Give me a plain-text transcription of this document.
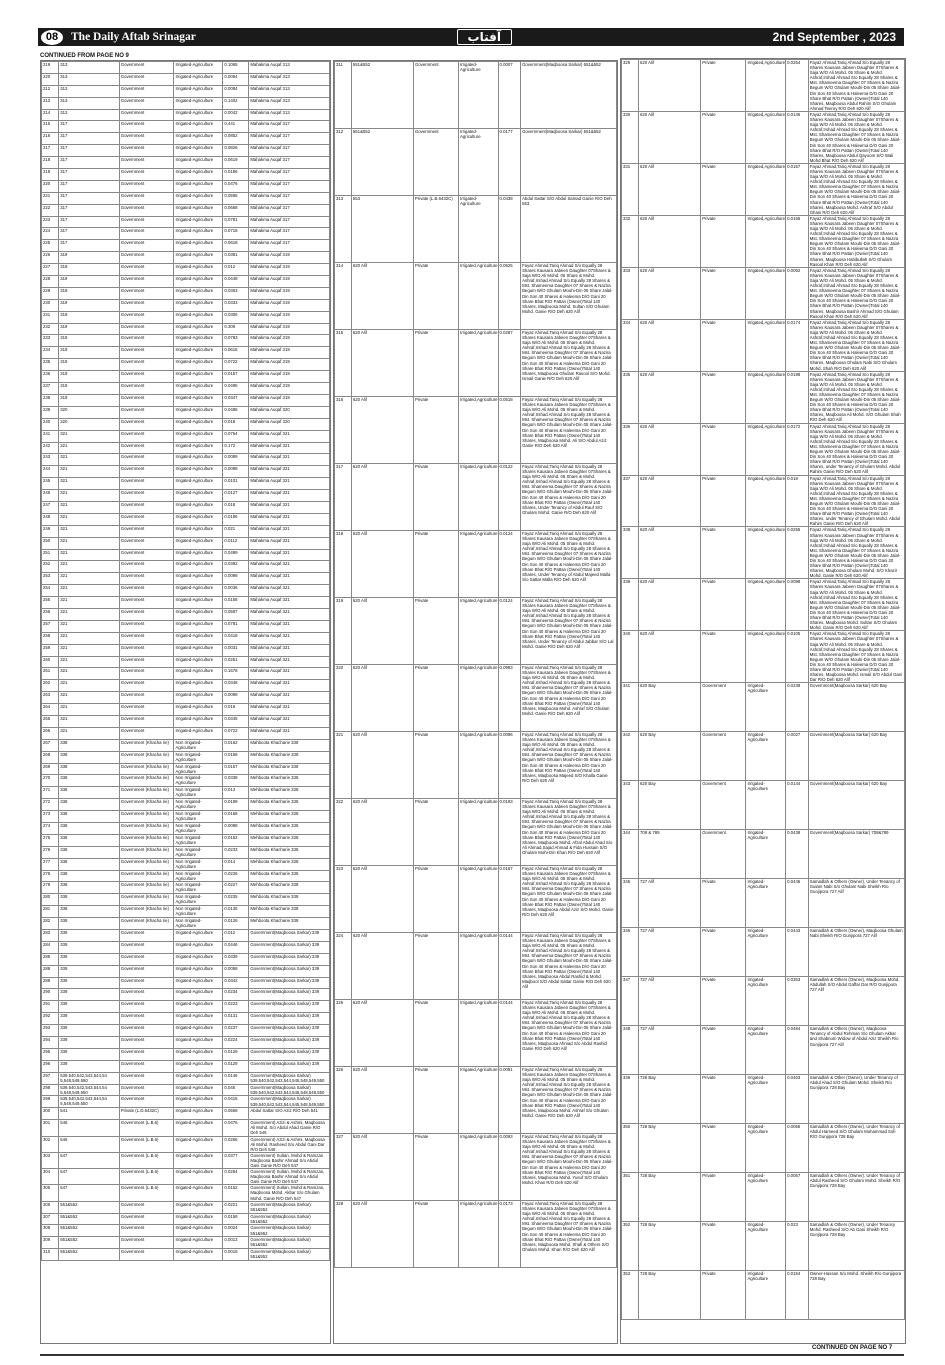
08	The Daily Aftab Srinagar	آفتاب	2nd September , 2023
CONTINUED FROM PAGE NO 9
219	313	Government	Irrigated-Agriculture	0.1065	Mahakma Auqaf 313
220	313	Government	Irrigated-Agriculture	0.0094	Mahakma Auqaf 313
212	313	Government	Irrigated-Agriculture	0.0084	Mahakma Auqaf 313
213	313	Government	Irrigated-Agriculture	0.1402	Mahakma Auqaf 313
214	313	Government	Irrigated-Agriculture	0.0042	Mahakma Auqaf 313
215	317	Government	Irrigated-Agriculture	0.441	Mahakma Auqaf 317
216	317	Government	Irrigated-Agriculture	0.0852	Mahakma Auqaf 317
217	317	Government	Irrigated-Agriculture	0.0826	Mahakma Auqaf 317
218	317	Government	Irrigated-Agriculture	0.0619	Mahakma Auqaf 317
219	317	Government	Irrigated-Agriculture	0.0186	Mahakma Auqaf 317
220	317	Government	Irrigated-Agriculture	0.0476	Mahakma Auqaf 317
221	317	Government	Irrigated-Agriculture	0.0595	Mahakma Auqaf 317
222	317	Government	Irrigated-Agriculture	0.0668	Mahakma Auqaf 317
223	317	Government	Irrigated-Agriculture	0.0781	Mahakma Auqaf 317
224	317	Government	Irrigated-Agriculture	0.0718	Mahakma Auqaf 317
225	317	Government	Irrigated-Agriculture	0.0618	Mahakma Auqaf 317
226	319	Government	Irrigated-Agriculture	0.0381	Mahakma Auqaf 319
227	319	Government	Irrigated-Agriculture	0.012	Mahakma Auqaf 319
228	319	Government	Irrigated-Agriculture	0.0448	Mahakma Auqaf 319
229	319	Government	Irrigated-Agriculture	0.0363	Mahakma Auqaf 319
230	319	Government	Irrigated-Agriculture	0.0333	Mahakma Auqaf 319
231	319	Government	Irrigated-Agriculture	0.0306	Mahakma Auqaf 319
232	319	Government	Irrigated-Agriculture	0.309	Mahakma Auqaf 319
233	319	Government	Irrigated-Agriculture	0.0783	Mahakma Auqaf 319
234	319	Government	Irrigated-Agriculture	0.0615	Mahakma Auqaf 319
235	319	Government	Irrigated-Agriculture	0.0722	Mahakma Auqaf 319
236	319	Government	Irrigated-Agriculture	0.0157	Mahakma Auqaf 319
237	319	Government	Irrigated-Agriculture	0.0495	Mahakma Auqaf 319
238	319	Government	Irrigated-Agriculture	0.0347	Mahakma Auqaf 319
239	320	Government	Irrigated-Agriculture	0.0486	Mahakma Auqaf 320
240	320	Government	Irrigated-Agriculture	0.018	Mahakma Auqaf 320
241	321	Government	Irrigated-Agriculture	0.0764	Mahakma Auqaf 321
242	321	Government	Irrigated-Agriculture	0.172	Mahakma Auqaf 321
243	321	Government	Irrigated-Agriculture	0.0089	Mahakma Auqaf 321
244	321	Government	Irrigated-Agriculture	0.0098	Mahakma Auqaf 321
245	321	Government	Irrigated-Agriculture	0.0101	Mahakma Auqaf 321
246	321	Government	Irrigated-Agriculture	0.0127	Mahakma Auqaf 321
247	321	Government	Irrigated-Agriculture	0.018	Mahakma Auqaf 321
248	321	Government	Irrigated-Agriculture	0.0186	Mahakma Auqaf 321
249	321	Government	Irrigated-Agriculture	0.021	Mahakma Auqaf 321
250	321	Government	Irrigated-Agriculture	0.0112	Mahakma Auqaf 321
251	321	Government	Irrigated-Agriculture	0.0499	Mahakma Auqaf 321
252	321	Government	Irrigated-Agriculture	0.0392	Mahakma Auqaf 321
253	321	Government	Irrigated-Agriculture	0.0098	Mahakma Auqaf 321
254	321	Government	Irrigated-Agriculture	0.0036	Mahakma Auqaf 321
255	321	Government	Irrigated-Agriculture	0.0158	Mahakma Auqaf 321
256	321	Government	Irrigated-Agriculture	0.0587	Mahakma Auqaf 321
257	321	Government	Irrigated-Agriculture	0.0781	Mahakma Auqaf 321
258	321	Government	Irrigated-Agriculture	0.0418	Mahakma Auqaf 321
259	321	Government	Irrigated-Agriculture	0.0031	Mahakma Auqaf 321
260	321	Government	Irrigated-Agriculture	0.0251	Mahakma Auqaf 321
261	321	Government	Irrigated-Agriculture	0.1578	Mahakma Auqaf 321
262	321	Government	Irrigated-Agriculture	0.0348	Mahakma Auqaf 321
263	321	Government	Irrigated-Agriculture	0.0098	Mahakma Auqaf 321
264	321	Government	Irrigated-Agriculture	0.019	Mahakma Auqaf 321
265	321	Government	Irrigated-Agriculture	0.0345	Mahakma Auqaf 321
266	321	Government	Irrigated-Agriculture	0.0722	Mahakma Auqaf 321
267	338	Government (Khacha rie)	Non Irrigated-Agriculture	0.0162	Mahboota Khacharie 338
268	338	Government (Khacha rie)	Non Irrigated-Agriculture	0.0158	Mehboota Khacharie 338
269	338	Government (Khacha rie)	Non Irrigated-Agriculture	0.0157	Mehboota Khacharie 338
270	338	Government (Khacha rie)	Non Irrigated-Agriculture	0.0338	Mehboota Khacharie 338
271	338	Government (Khacha rie)	Non Irrigated-Agriculture	0.013	Mehboota Khacharie 338
272	338	Government (Khacha rie)	Non Irrigated-Agriculture	0.0199	Mehboota Khacharie 338
273	338	Government (Khacha rie)	Non Irrigated-Agriculture	0.0168	Mehboota Khacharie 338
274	338	Government (Khacha rie)	Non Irrigated-Agriculture	0.0098	Mehboota Khacharie 338
275	338	Government (Khacha rie)	Non Irrigated-Agriculture	0.0152	Mehboota Khacharie 338
276	338	Government (Khacha rie)	Non Irrigated-Agriculture	0.0233	Mehboota Khacharie 338
277	338	Government (Khacha rie)	Non Irrigated-Agriculture	0.014	Mehboota Khacharie 338
278	338	Government (Khacha rie)	Non Irrigated-Agriculture	0.0226	Mehboota Khacharie 338
279	338	Government (Khacha rie)	Non Irrigated-Agriculture	0.0227	Mehboota Khacharie 338
280	338	Government (Khacha rie)	Non Irrigated-Agriculture	0.0235	Mehboota Khacharie 338
281	338	Government (Khacha rie)	Non Irrigated-Agriculture	0.0135	Mehboota Khacharie 338
282	338	Government (Khacha rie)	Non Irrigated-Agriculture	0.0126	Mehboota Khacharie 338
283	339	Government	Irrigated-Agriculture	0.012	Government(Maqboosa Sarkar) 339
284	339	Government	Irrigated-Agriculture	0.0446	Government(Maqboosa Sarkar) 339
285	339	Government	Irrigated-Agriculture	0.0339	Government(Maqboosa Sarkar) 339
288	339	Government	Irrigated-Agriculture	0.0058	Government(Maqboosa Sarkar) 339
289	339	Government	Irrigated-Agriculture	0.0342	Government(Maqboosa Sarkar) 339
290	339	Government	Irrigated-Agriculture	0.0234	Government(Maqboosa Sarkar) 339
291	339	Government	Irrigated-Agriculture	0.0223	Government(Maqboosa Sarkar) 339
292	339	Government	Irrigated-Agriculture	0.0131	Government(Maqboosa Sarkar) 339
293	339	Government	Irrigated-Agriculture	0.0237	Government(Maqboosa Sarkar) 339
294	339	Government	Irrigated-Agriculture	0.0224	Government(Maqboosa Sarkar) 339
295	339	Government	Irrigated-Agriculture	0.0129	Government(Maqboosa Sarkar) 339
296	339	Government	Irrigated-Agriculture	0.0129	Government(Maqboosa Sarkar) 339
297	539,540,542,543,544,54 5,548,549,550	Government	Irrigated-Agriculture	0.0146	Government(Maqboosa Sarkar) 539,540,542,543,544,545,548,549,550
298	539,540,542,543,544,54 5,548,549,550	Government	Irrigated-Agriculture	0.045	Government(Maqboosa Sarkar) 539,540,542,543,544,545,548,549,550
299	539,540,542,543,544,54 5,548,549,550	Government	Irrigated-Agriculture	0.0415	Government(Maqboosa Sarkar) 539,540,542,543,544,545,548,549,550
300	541	Private (L.D.6432C)	Irrigated-Agriculture	0.0568	Abdul Sattar S/O Aziz R/O Deh 541
301	546	Government (L.B.6)	Irrigated-Agriculture	0.0476	Government) Azizi & Ashmi, Maqboosa Ali Mohd. S/o Abdul Ahad Ganie R/O Deh 546
302	546	Government (L.B.6)	Irrigated-Agriculture	0.0266	Government) Azizi & Ashmi, Maqboosa Ali Mohd. Rasheed S/o Abdul Gani Dar R/O Deh 546
303	547	Government (L.B.6)	Irrigated-Agriculture	0.0377	Government) Sultan, Mohd & Ramzan Maqboosa Bashir Ahmad S/o Abdul Gani Ganie R/O Deh 547
304	547	Government (L.B.6)	Irrigated-Agriculture	0.0264	Government) Sultan, Mohd & Ramzan, Maqboosa Bashir Ahmad S/o Abdul Gani Ganie R/O Deh 547
305	547	Government (L.B.6)	Irrigated-Agriculture	0.0152	Government) Sultan, Mohd & Ramzan, Maqboosa Mohd. Akbar S/o Ghulam Mohd. Ganie R/O Deh 547
306	551&552	Government	Irrigated-Agriculture	0.0221	Government(Maqboosa Sarkar) 551&552
307	551&552	Government	Irrigated-Agriculture	0.0158	Government(Maqboosa Sarkar) 551&552
308	551&552	Government	Irrigated-Agriculture	0.0024	Government(Maqboosa Sarkar) 551&552
309	551&552	Government	Irrigated-Agriculture	0.0013	Government(Maqboosa Sarkar) 551&552
310	551&552	Government	Irrigated-Agriculture	0.0015	Government(Maqboosa Sarkar) 551&552
311	551&552	Government	Irrigated-Agriculture	0.0007	Government(Maqboosa Sarkar) 551&552
312	551&552	Government	Irrigated-Agriculture	0.0177	Government(Maqboosa Sarkar) 551&552
313	553	Private (L.B.6432C)	Irrigated-Agriculture	0.0438	Abdul Sattar S/O Abdul Samad Ganie R/O Deh 553
314	620 Alif	Private	Irrigated,Agriculture	0.0625	Fayaz Ahmad,Tariq Ahmad S/o Equally 28 Shares Kausara Jabeen Daughter 07Shares & Saja W/O Ali Mohd. 05 Share & Mohd. Ashraf,Irshad Ahmad S/o Equally 28 Shares & Mst. Shameema Daughter 07 Shares & Nazira Begum W/O Ghulam Mouhi-Din 05 Share Jalal-Din Son 40 Shares & Haleema D/O Gani 20 Share Bhat R/O Pattan (Owner)Total 140 Shares, Maqboosa Mohd. Sultan S/O Ghulam Mohd. Ganie R/O Deh 620 Alif
315	620 Alif	Private	Irrigated,Agriculture	0.0287	Fayaz Ahmad,Tariq Ahmad S/o Equally 28 Shares Kausara Jabeen Daughter 07Shares & Saja W/O Ali Mohd. 05 Share & Mohd. Ashraf,Irshad Ahmad S/o Equally 28 Shares & Mst. Shameema Daughter 07 Shares & Nazira Begum W/O Ghulam Mouhi-Din 05 Share Jalal-Din Son 40 Shares & Haleema D/O Gani 20 Share Bhat R/O Pattan (Owner)Total 140 Shares, Maqboosa Ghulam Rasool S/O Mohd. Ismail Ganie R/O Deh 620 Alif
316	620 Alif	Private	Irrigated,Agriculture	0.0518	Fayaz Ahmad,Tariq Ahmad S/o Equally 28 Shares Kausara Jabeen Daughter 07Shares & Saja W/O Ali Mohd. 05 Share & Mohd. Ashraf,Irshad Ahmad S/o Equally 28 Shares & Mst. Shameema Daughter 07 Shares & Nazira Begum W/O Ghulam Mouhi-Din 05 Share Jalal-Din Son 40 Shares & Haleema D/O Gani 20 Share Bhat R/O Pattan (Owner)Total 140 Shares, Maqboosa Mohd. Ali S/O Abdul Aziz Ganie R/O Deh 620 Alif
317	620 Alif	Private	Irrigated,Agriculture	0.0122	Fayaz Ahmad,Tariq Ahmad S/o Equally 28 Shares Kausara Jabeen Daughter 07Shares & Saja W/O Ali Mohd. 05 Share & Mohd. Ashraf,Irshad Ahmad S/o Equally 28 Shares & Mst. Shameema Daughter 07 Shares & Nazira Begum W/O Ghulam Mouhi-Din 05 Share Jalal-Din Son 40 Shares & Haleema D/O Gani 20 Share Bhat R/O Pattan (Owner)Total 140 Shares, Under Tenancy of Abdul Rauf S/O Ghulam Mohd. Ganie R/O Deh 620 Alif
318	620 Alif	Private	Irrigated,Agriculture	0.0124	Fayaz Ahmad,Tariq Ahmad S/o Equally 28 Shares Kausara Jabeen Daughter 07Shares & Saja W/O Ali Mohd. 05 Share & Mohd. Ashraf,Irshad Ahmad S/o Equally 28 Shares & Mst. Shameema Daughter 07 Shares & Nazira Begum W/O Ghulam Mouhi-Din 05 Share Jalal-Din Son 40 Shares & Haleema D/O Gani 20 Share Bhat R/O Pattan (Owner)Total 140 Shares, Under Tenancy of Abdul Majeed Malla S/o Sattar Malla R/O Deh 620 Alif
319	620 Alif	Private	Irrigated,Agriculture	0.0124	Fayaz Ahmad,Tariq Ahmad S/o Equally 28 Shares Kausara Jabeen Daughter 07Shares & Saja W/O Ali Mohd. 05 Share & Mohd. Ashraf,Irshad Ahmad S/o Equally 28 Shares & Mst. Shameema Daughter 07 Shares & Nazira Begum W/O Ghulam Mouhi-Din 05 Share Jalal-Din Son 40 Shares & Haleema D/O Gani 20 Share Bhat R/O Pattan (Owner)Total 140 Shares, Under Tenancy of Abdul Jabbar S/O Lal Mohd. Ganie R/O Deh 620 Alif
320	620 Alif	Private	Irrigated,Agriculture	0.0983	Fayaz Ahmad,Tariq Ahmad S/o Equally 28 Shares Kausara Jabeen Daughter 07Shares & Saja W/O Ali Mohd. 05 Share & Mohd. Ashraf,Irshad Ahmad S/o Equally 28 Shares & Mst. Shameema Daughter 07 Shares & Nazira Begum W/O Ghulam Mouhi-Din 05 Share Jalal-Din Son 40 Shares & Haleema D/O Gani 20 Share Bhat R/O Pattan (Owner)Total 140 Shares, Maqboosa Mohd. Ashraf S/O Ghulam Mohd. Ganie R/O Deh 620 Alif
321	620 Alif	Private	Irrigated,Agriculture	0.0096	Fayaz Ahmad,Tariq Ahmad S/o Equally 28 Shares Kausara Jabeen Daughter 07Shares & Saja W/O Ali Mohd. 05 Share & Mohd. Ashraf,Irshad Ahmad S/o Equally 28 Shares & Mst. Shameema Daughter 07 Shares & Nazira Begum W/O Ghulam Mouhi-Din 05 Share Jalal-Din Son 40 Shares & Haleema D/O Gani 20 Share Bhat R/O Pattan (Owner)Total 140 Shares, Maqboosa Majeed S/O Khalla Ganie R/O Deh 620 Alif
322	620 Alif	Private	Irrigated,Agriculture	0.0193	Fayaz Ahmad,Tariq Ahmad S/o Equally 28 Shares Kausara Jabeen Daughter 07Shares & Saja W/O Ali Mohd. 05 Share & Mohd. Ashraf,Irshad Ahmad S/o Equally 28 Shares & Mst. Shameema Daughter 07 Shares & Nazira Begum W/O Ghulam Mouhi-Din 05 Share Jalal-Din Son 40 Shares & Haleema D/O Gani 20 Share Bhat R/O Pattan (Owner)Total 140 Shares, Maqboosa Mohd. Afzal Abdul Ahad S/o Ali Ahmad,Sajad Ahmad & Fida Hussain S/O Ghulam Mohi-Din Khan R/O Deh 620 Alif
323	620 Alif	Private	Irrigated,Agriculture	0.0167	Fayaz Ahmad,Tariq Ahmad S/o Equally 28 Shares Kausara Jabeen Daughter 07Shares & Saja W/O Ali Mohd. 05 Share & Mohd. Ashraf,Irshad Ahmad S/o Equally 28 Shares & Mst. Shameema Daughter 07 Shares & Nazira Begum W/O Ghulam Mouhi-Din 05 Share Jalal-Din Son 40 Shares & Haleema D/O Gani 20 Share Bhat R/O Pattan (Owner)Total 140 Shares, Maqboosa Abdul Aziz S/O Mohd. Ganie R/O Deh 620 Alif
324	620 Alif	Private	Irrigated,Agriculture	0.0144	Fayaz Ahmad,Tariq Ahmad S/o Equally 28 Shares Kausara Jabeen Daughter 07Shares & Saja W/O Ali Mohd. 05 Share & Mohd. Ashraf,Irshad Ahmad S/o Equally 28 Shares & Mst. Shameema Daughter 07 Shares & Nazira Begum W/O Ghulam Mouhi-Din 05 Share Jalal-Din Son 40 Shares & Haleema D/O Gani 20 Share Bhat R/O Pattan (Owner)Total 140 Shares, Maqboosa Abdul Rashid & Mohd. Maqbool S/O Abdul Sattar Ganie R/O Deh 620 Alif
325	620 Alif	Private	Irrigated,Agriculture	0.0144	Fayaz Ahmad,Tariq Ahmad S/o Equally 28 Shares Kausara Jabeen Daughter 07Shares & Saja W/O Ali Mohd. 05 Share & Mohd. Ashraf,Irshad Ahmad S/o Equally 28 Shares & Mst. Shameema Daughter 07 Shares & Nazira Begum W/O Ghulam Mouhi-Din 05 Share Jalal-Din Son 40 Shares & Haleema D/O Gani 20 Share Bhat R/O Pattan (Owner)Total 140 Shares, Maqboosa Ahmad S/o Abdul Rashid Ganie R/O Deh 620 Alif
326	620 Alif	Private	Irrigated,Agriculture	0.0091	Fayaz Ahmad,Tariq Ahmad S/o Equally 28 Shares Kausara Jabeen Daughter 07Shares & Saja W/O Ali Mohd. 05 Share & Mohd. Ashraf,Irshad Ahmad S/o Equally 28 Shares & Mst. Shameema Daughter 07 Shares & Nazira Begum W/O Ghulam Mouhi-Din 05 Share Jalal-Din Son 40 Shares & Haleema D/O Gani 20 Share Bhat R/O Pattan (Owner)Total 140 Shares, Maqboosa Mohd. Ashraf S/o Ghulam Mohd. Ganie R/O Deh 620 Alif
327	620 Alif	Private	Irrigated,Agriculture	0.0093	Fayaz Ahmad,Tariq Ahmad S/o Equally 28 Shares Kausara Jabeen Daughter 07Shares & Saja W/O Ali Mohd. 05 Share & Mohd. Ashraf,Irshad Ahmad S/o Equally 28 Shares & Mst. Shameema Daughter 07 Shares & Nazira Begum W/O Ghulam Mouhi-Din 05 Share Jalal-Din Son 40 Shares & Haleema D/O Gani 20 Share Bhat R/O Pattan (Owner)Total 140 Shares, Maqboosa Mohd. Yusuf S/O Ghulam Mohd. Khan R/O Deh 620 Alif
328	620 Alif	Private	Irrigated,Agriculture	0.0173	Fayaz Ahmad,Tariq Ahmad S/o Equally 28 Shares Kausara Jabeen Daughter 07Shares & Saja W/O Ali Mohd. 05 Share & Mohd. Ashraf,Irshad Ahmad S/o Equally 28 Shares & Mst. Shameema Daughter 07 Shares & Nazira Begum W/O Ghulam Mouhi-Din 05 Share Jalal-Din Son 40 Shares & Haleema D/O Gani 20 Share Bhat R/O Pattan (Owner)Total 140 Shares, Maqboosa Mohd. Shafi & Others S/O Ghulam Mohd. Khan R/O Deh 620 Alif
329	620 Alif	Private	Irrigated,Agriculture	0.0254	Fayaz Ahmad,Tariq Ahmad S/o Equally 28 Shares Kausara Jabeen Daughter 07Shares & Saja W/O Ali Mohd. 05 Share & Mohd. Ashraf,Irshad Ahmad S/o Equally 28 Shares & Mst. Shameema Daughter 07 Shares & Nazira Begum W/O Ghulam Mouhi-Din 05 Share Jalal-Din Son 40 Shares & Haleema D/O Gani 20 Share Bhat R/O Pattan (Owner)Total 140 Shares, Maqboosa Abdul Rahim S/O Ghulam Ahmad Teeroy R/O Deh 620 Alif
330	620 Alif	Private	Irrigated,Agriculture	0.0146	Fayaz Ahmad,Tariq Ahmad S/o Equally 28 Shares Kausara Jabeen Daughter 07Shares & Saja W/O Ali Mohd. 05 Share & Mohd. Ashraf,Irshad Ahmad S/o Equally 28 Shares & Mst. Shameema Daughter 07 Shares & Nazira Begum W/O Ghulam Mouhi-Din 05 Share Jalal-Din Son 40 Shares & Haleema D/O Gani 20 Share Bhat R/O Pattan (Owner)Total 140 Shares, Maqboosa Abdul Qayoom S/O Wali Mohd Bhat R/O Deh 620 Alif
331	620 Alif	Private	Irrigated,Agriculture	0.0157	Fayaz Ahmad,Tariq Ahmad S/o Equally 28 Shares Kausara Jabeen Daughter 07Shares & Saja W/O Ali Mohd. 05 Share & Mohd. Ashraf,Irshad Ahmad S/o Equally 28 Shares & Mst. Shameema Daughter 07 Shares & Nazira Begum W/O Ghulam Mouhi-Din 05 Share Jalal-Din Son 40 Shares & Haleema D/O Gani 20 Share Bhat R/O Pattan (Owner)Total 140 Shares, Maqboosa Mohd. Ashraf S/O Abdul Ghani R/O Deh 620 Alif
332	620 Alif	Private	Irrigated,Agriculture	0.0165	Fayaz Ahmad,Tariq Ahmad S/o Equally 28 Shares Kausara Jabeen Daughter 07Shares & Saja W/O Ali Mohd. 05 Share & Mohd. Ashraf,Irshad Ahmad S/o Equally 28 Shares & Mst. Shameema Daughter 07 Shares & Nazira Begum W/O Ghulam Mouhi-Din 05 Share Jalal-Din Son 40 Shares & Haleema D/O Gani 20 Share Bhat R/O Pattan (Owner)Total 140 Shares, Maqboosa Habibullah S/O Ghulam Rasool Khan R/O Deh 620 Alif
333	620 Alif	Private	Irrigated,Agriculture	0.0092	Fayaz Ahmad,Tariq Ahmad S/o Equally 28 Shares Kausara Jabeen Daughter 07Shares & Saja W/O Ali Mohd. 05 Share & Mohd. Ashraf,Irshad Ahmad S/o Equally 28 Shares & Mst. Shameema Daughter 07 Shares & Nazira Begum W/O Ghulam Mouhi-Din 05 Share Jalal-Din Son 40 Shares & Haleema D/O Gani 20 Share Bhat R/O Pattan (Owner)Total 140 Shares, Maqboosa Bashir Ahmad S/O Ghulam Rasool Khan R/O Deh 620 Alif
334	620 Alif	Private	Irrigated,Agriculture	0.0174	Fayaz Ahmad,Tariq Ahmad S/o Equally 28 Shares Kausara Jabeen Daughter 07Shares & Saja W/O Ali Mohd. 05 Share & Mohd. Ashraf,Irshad Ahmad S/o Equally 28 Shares & Mst. Shameema Daughter 07 Shares & Nazira Begum W/O Ghulam Mouhi-Din 05 Share Jalal-Din Son 40 Shares & Haleema D/O Gani 20 Share Bhat R/O Pattan (Owner)Total 140 Shares, Maqboosa Ghulam Nabi S/O Ghulam Mohd. Shah R/O Deh 620 Alif
335	620 Alif	Private	Irrigated,Agriculture	0.0198	Fayaz Ahmad,Tariq Ahmad S/o Equally 28 Shares Kausara Jabeen Daughter 07Shares & Saja W/O Ali Mohd. 05 Share & Mohd. Ashraf,Irshad Ahmad S/o Equally 28 Shares & Mst. Shameema Daughter 07 Shares & Nazira Begum W/O Ghulam Mouhi-Din 05 Share Jalal-Din Son 40 Shares & Haleema D/O Gani 20 Share Bhat R/O Pattan (Owner)Total 140 Shares, Maqboosa Ali Mohd. S/O Ghulam Shah R/O Deh 620 Alif
336	620 Alif	Private	Irrigated,Agriculture	0.0172	Fayaz Ahmad,Tariq Ahmad S/o Equally 28 Shares Kausara Jabeen Daughter 07Shares & Saja W/O Ali Mohd. 05 Share & Mohd. Ashraf,Irshad Ahmad S/o Equally 28 Shares & Mst. Shameema Daughter 07 Shares & Nazira Begum W/O Ghulam Mouhi-Din 05 Share Jalal-Din Son 40 Shares & Haleema D/O Gani 20 Share Bhat R/O Pattan (Owner)Total 140 Shares, under Tenancy of Ghulam Mohd. Abdul Rahim Ganie R/O Deh 620 Alif
337	620 Alif	Private	Irrigated,Agriculture	0.018	Fayaz Ahmad,Tariq Ahmad S/o Equally 28 Shares Kausara Jabeen Daughter 07Shares & Saja W/O Ali Mohd. 05 Share & Mohd. Ashraf,Irshad Ahmad S/o Equally 28 Shares & Mst. Shameema Daughter 07 Shares & Nazira Begum W/O Ghulam Mouhi-Din 05 Share Jalal-Din Son 40 Shares & Haleema D/O Gani 20 Share Bhat R/O Pattan (Owner)Total 140 Shares, under Tenancy of Ghulam Mohd. Abdul Rahim Ganie R/O Deh 620 Alif
338	620 Alif	Private	Irrigated,Agriculture	0.0255	Fayaz Ahmad,Tariq Ahmad S/o Equally 28 Shares Kausara Jabeen Daughter 07Shares & Saja W/O Ali Mohd. 05 Share & Mohd. Ashraf,Irshad Ahmad S/o Equally 28 Shares & Mst. Shameema Daughter 07 Shares & Nazira Begum W/O Ghulam Mouhi-Din 05 Share Jalal-Din Son 40 Shares & Haleema D/O Gani 20 Share Bhat R/O Pattan (Owner)Total 140 Shares, Maqboosa Ghulam Mohd. S/O Khazir Mohd. Ganie R/O Deh 620 Alif
339	620 Alif	Private	Irrigated,Agriculture	0.0098	Fayaz Ahmad,Tariq Ahmad S/o Equally 28 Shares Kausara Jabeen Daughter 07Shares & Saja W/O Ali Mohd. 05 Share & Mohd. Ashraf,Irshad Ahmad S/o Equally 28 Shares & Mst. Shameema Daughter 07 Shares & Nazira Begum W/O Ghulam Mouhi-Din 05 Share Jalal-Din Son 40 Shares & Haleema D/O Gani 20 Share Bhat R/O Pattan (Owner)Total 140 Shares, Maqboosa Mohd. Sultan S/O Ghulam Mohd. Ganie R/O Deh 620 Alif
340	620 Alif	Private	Irrigated,Agriculture	0.0105	Fayaz Ahmad,Tariq Ahmad S/o Equally 28 Shares Kausara Jabeen Daughter 07Shares & Saja W/O Ali Mohd. 05 Share & Mohd. Ashraf,Irshad Ahmad S/o Equally 28 Shares & Mst. Shameema Daughter 07 Shares & Nazira Begum W/O Ghulam Mouhi-Din 05 Share Jalal-Din Son 40 Shares & Haleema D/O Gani 20 Share Bhat R/O Pattan (Owner)Total 140 Shares, Maqboosa Mohd. Ismail S/O Abdul Gani Dar R/O Deh 620 Alif
341	620 Bay	Government	Irrigated-Agriculture	0.0238	Government(Maqboosa Sarkar) 620 Bay
342	620 Bay	Government	Irrigated-Agriculture	0.0027	Government(Maqboosa Sarkar) 620 Bay
343	620 Bay	Government	Irrigated-Agriculture	0.0144	Government(Maqboosa Sarkar) 620 Bay
344	708 & 789	Government	Irrigated-Agriculture	0.0438	Government(Maqboosa Sarkar) 708&789
345	727 Alif	Private	Irrigated-Agriculture	0.0446	Samadlah & Others (Owner), Under Tenancy of Gulam Nabi S/o Ghulam Nabi Sheikh R/o Gunjipora 727 Alif
346	727 Alif	Private	Irrigated-Agriculture	0.0443	Samadlah & Others (Owner), Maqboosa Ghulam Nabi Sheikh R/O Gunjipora 727 Alif
347	727 Alif	Private	Irrigated-Agriculture	0.0363	Samadlah & Others (Owner), Maqboosa Mohd. Abdullah S/O Abdul Gaffar Dar R/O Gunjipora 727 Alif
348	727 Alif	Private	Irrigated-Agriculture	0.0484	Samadlah & Others (Owner), Maqboosa Tenancy of Abdul Rehman S/o Ghulam Akbar and Shabnum Widow of Abdul Aziz Sheikh R/o Gunjipora 727 Alif
349	728 Bay	Private	Irrigated-Agriculture	0.0463	Samadlah & Other (Owner), Under Tenancy of Abdul Ahad S/O Ghulam Mohd. Sheikh R/o Gunjipora 728 Bay
350	728 Bay	Private	Irrigated-Agriculture	0.0056	Samadlah & Others (Owner), Under Tenancy of Abdul Hameed S/O Ghulam Muhammad Sofi R/O Gunjipora 728 Bay
351	728 Bay	Private	Irrigated-Agriculture	0.0067	Samadlah & Others (Owner), Under Tenancy of Abdul Rasheed S/O Ghulam Mohd. Sheikh R/O Gunjipora 728 Bay
352	728 Bay	Private	Irrigated-Agriculture	0.023	Samadlah & Others (Owner), Under Tenancy Mohd. Rasheed S/O Ab Gani Sheikh R/O Gunjipora 728 Bay
353	728 Bay	Private	Irrigated-Agriculture	0.0154	Owner-Hassan S/o Mohd. Sheikh R/o Gunjipora 728 Bay
CONTINUED ON PAGE NO 7
